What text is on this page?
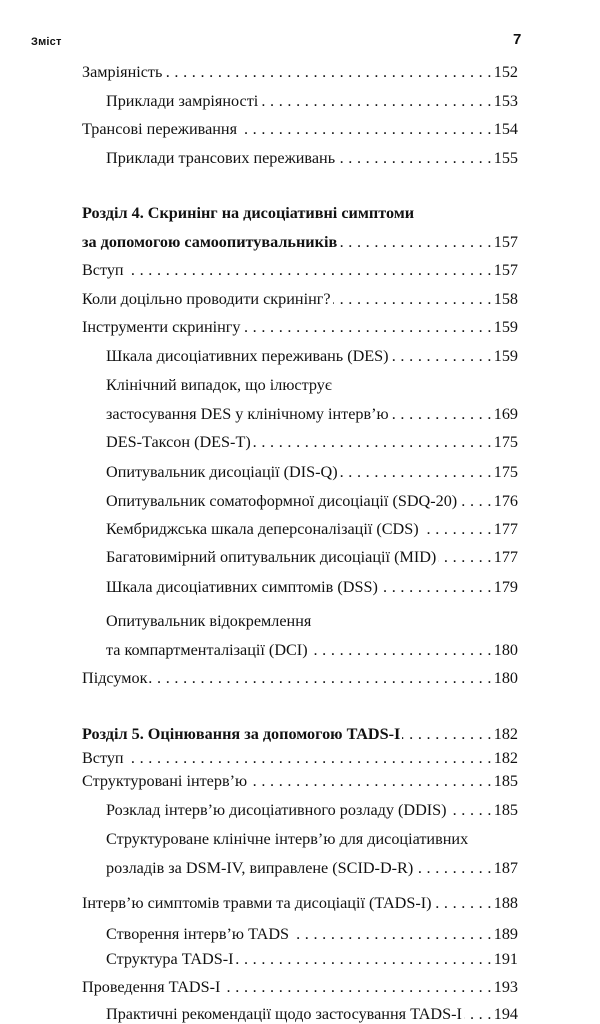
Зміст	7
Замріяність . . .	152
Приклади замріяності . . .	153
Трансові переживання . . .	154
Приклади трансових переживань . . .	155
Розділ 4. Скринінг на дисоціативні симптоми
за допомогою самоопитувальників . . .	157
Вступ . . .	157
Коли доцільно проводити скринінг? . . .	158
Інструменти скринінгу . . .	159
Шкала дисоціативних переживань (DES) . . .	159
Клінічний випадок, що ілюструє
застосування DES у клінічному інтерв’ю . . .	169
DES-Таксон (DES-T) . . .	175
Опитувальник дисоціації (DIS-Q) . . .	175
Опитувальник соматоформної дисоціації (SDQ-20) . . . 176
Кембриджська шкала деперсоналізації (CDS) . . .	177
Багатовимірний опитувальник дисоціації (MID) . . .	177
Шкала дисоціативних симптомів (DSS) . . .	179
Опитувальник відокремлення
та компартменталізації (DCI) . . .	180
Підсумок . . .	180
Розділ 5. Оцінювання за допомогою TADS-I . . .	182
Вступ . . .	182
Структуровані інтерв’ю . . .	185
Розклад інтерв’ю дисоціативного розладу (DDIS) . . .	185
Структуроване клінічне інтерв’ю для дисоціативних
розладів за DSM-IV, виправлене (SCID-D-R) . . .	187
Інтерв’ю симптомів травми та дисоціації (TADS-I) . . .	188
Створення інтерв’ю TADS . . .	189
Структура TADS-I . . .	191
Проведення TADS-I . . .	193
Практичні рекомендації щодо застосування TADS-I . . . 194
